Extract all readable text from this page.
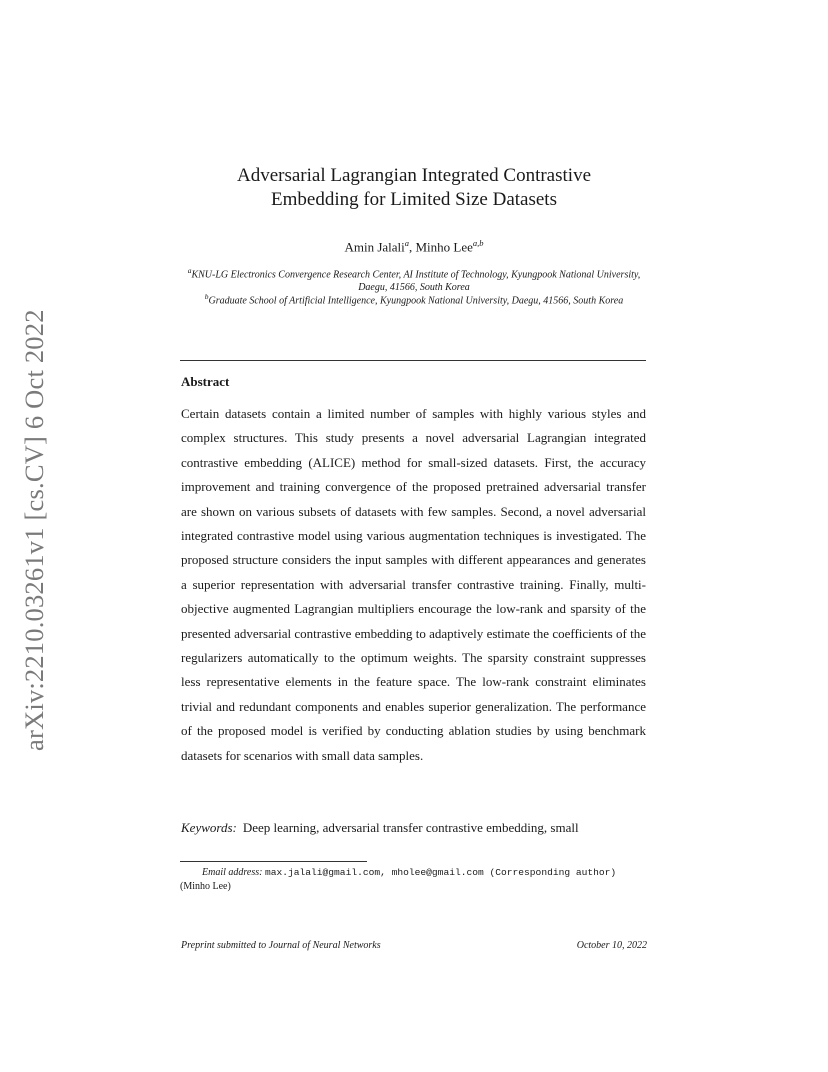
arXiv:2210.03261v1 [cs.CV] 6 Oct 2022
Adversarial Lagrangian Integrated Contrastive
Embedding for Limited Size Datasets
Amin Jalali$^a$, Minho Lee$^{a,b}$
$^a$KNU-LG Electronics Convergence Research Center, AI Institute of Technology, Kyungpook National University, Daegu, 41566, South Korea
$^b$Graduate School of Artificial Intelligence, Kyungpook National University, Daegu, 41566, South Korea
Abstract

Certain datasets contain a limited number of samples with highly various styles and complex structures. This study presents a novel adversarial Lagrangian integrated contrastive embedding (ALICE) method for small-sized datasets. First, the accuracy improvement and training convergence of the proposed pretrained adversarial transfer are shown on various subsets of datasets with few samples. Second, a novel adversarial integrated contrastive model using various augmentation techniques is investigated. The proposed structure considers the input samples with different appearances and generates a superior representation with adversarial transfer contrastive training. Finally, multi-objective augmented Lagrangian multipliers encourage the low-rank and sparsity of the presented adversarial contrastive embedding to adaptively estimate the coefficients of the regularizers automatically to the optimum weights. The sparsity constraint suppresses less representative elements in the feature space. The low-rank constraint eliminates trivial and redundant components and enables superior generalization. The performance of the proposed model is verified by conducting ablation studies by using benchmark datasets for scenarios with small data samples.

Keywords: Deep learning, adversarial transfer contrastive embedding, small
Email address: max.jalali@gmail.com, mholee@gmail.com (Corresponding author)
(Minho Lee)
Preprint submitted to Journal of Neural Networks	October 10, 2022
